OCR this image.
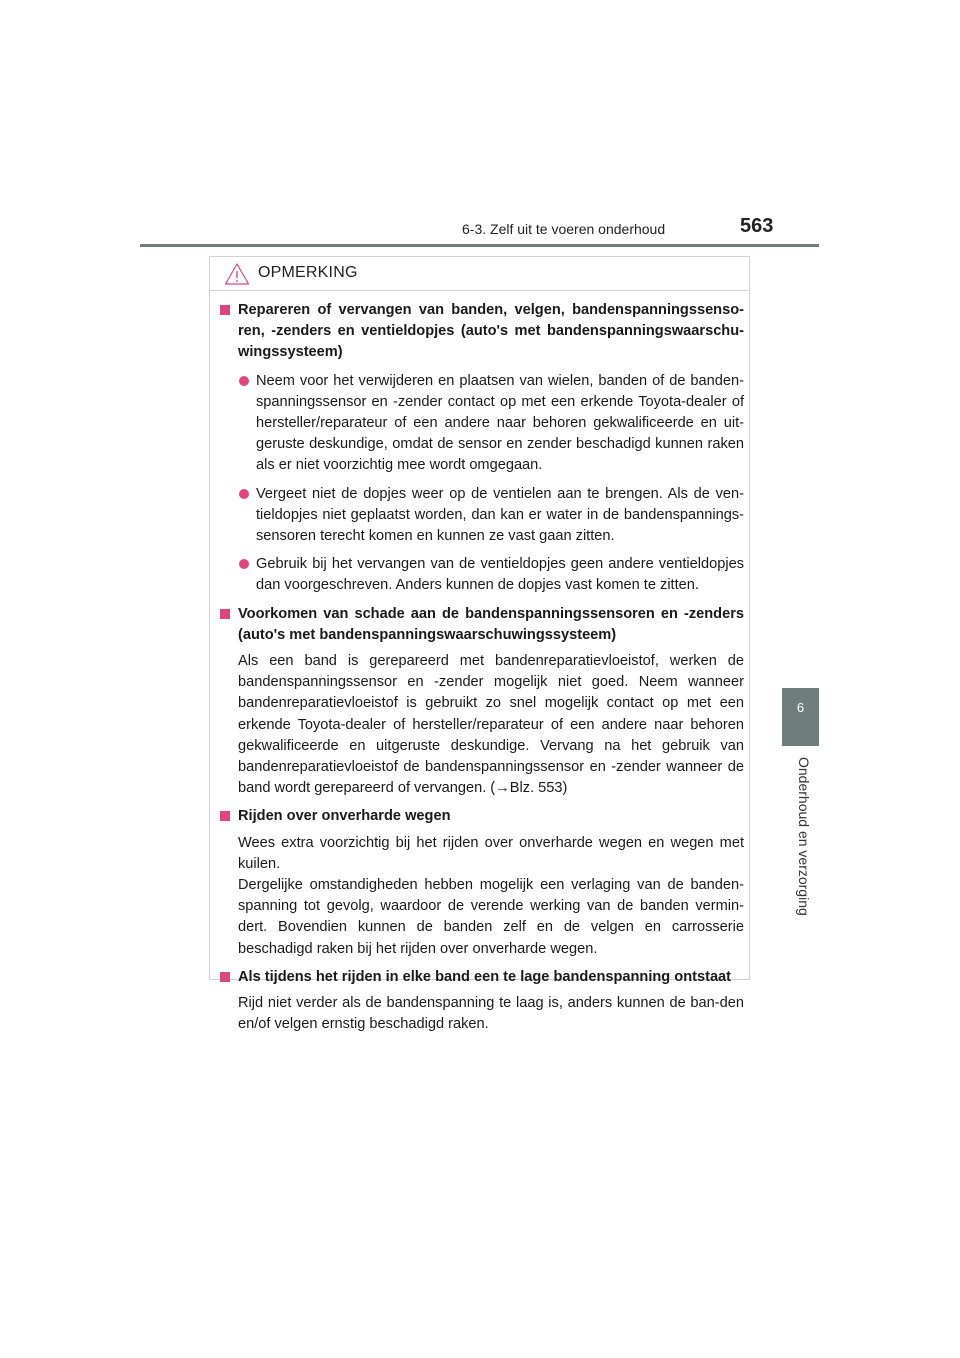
6-3. Zelf uit te voeren onderhoud	563
6
Onderhoud en verzorging
OPMERKING
Repareren of vervangen van banden, velgen, bandenspanningssenso-ren, -zenders en ventieldopjes (auto's met bandenspanningswaarschu-wingssysteem)
Neem voor het verwijderen en plaatsen van wielen, banden of de banden-spanningssensor en -zender contact op met een erkende Toyota-dealer of hersteller/reparateur of een andere naar behoren gekwalificeerde en uit-geruste deskundige, omdat de sensor en zender beschadigd kunnen raken als er niet voorzichtig mee wordt omgegaan.
Vergeet niet de dopjes weer op de ventielen aan te brengen. Als de ven-tieldopjes niet geplaatst worden, dan kan er water in de bandenspannings-sensoren terecht komen en kunnen ze vast gaan zitten.
Gebruik bij het vervangen van de ventieldopjes geen andere ventieldopjes dan voorgeschreven. Anders kunnen de dopjes vast komen te zitten.
Voorkomen van schade aan de bandenspanningssensoren en -zenders (auto's met bandenspanningswaarschuwingssysteem)
Als een band is gerepareerd met bandenreparatievloeistof, werken de bandenspanningssensor en -zender mogelijk niet goed. Neem wanneer bandenreparatievloeistof is gebruikt zo snel mogelijk contact op met een erkende Toyota-dealer of hersteller/reparateur of een andere naar behoren gekwalificeerde en uitgeruste deskundige. Vervang na het gebruik van bandenreparatievloeistof de bandenspanningssensor en -zender wanneer de band wordt gerepareerd of vervangen. (→Blz. 553)
Rijden over onverharde wegen
Wees extra voorzichtig bij het rijden over onverharde wegen en wegen met kuilen.
Dergelijke omstandigheden hebben mogelijk een verlaging van de banden-spanning tot gevolg, waardoor de verende werking van de banden vermin-dert. Bovendien kunnen de banden zelf en de velgen en carrosserie beschadigd raken bij het rijden over onverharde wegen.
Als tijdens het rijden in elke band een te lage bandenspanning ontstaat
Rijd niet verder als de bandenspanning te laag is, anders kunnen de ban-den en/of velgen ernstig beschadigd raken.
